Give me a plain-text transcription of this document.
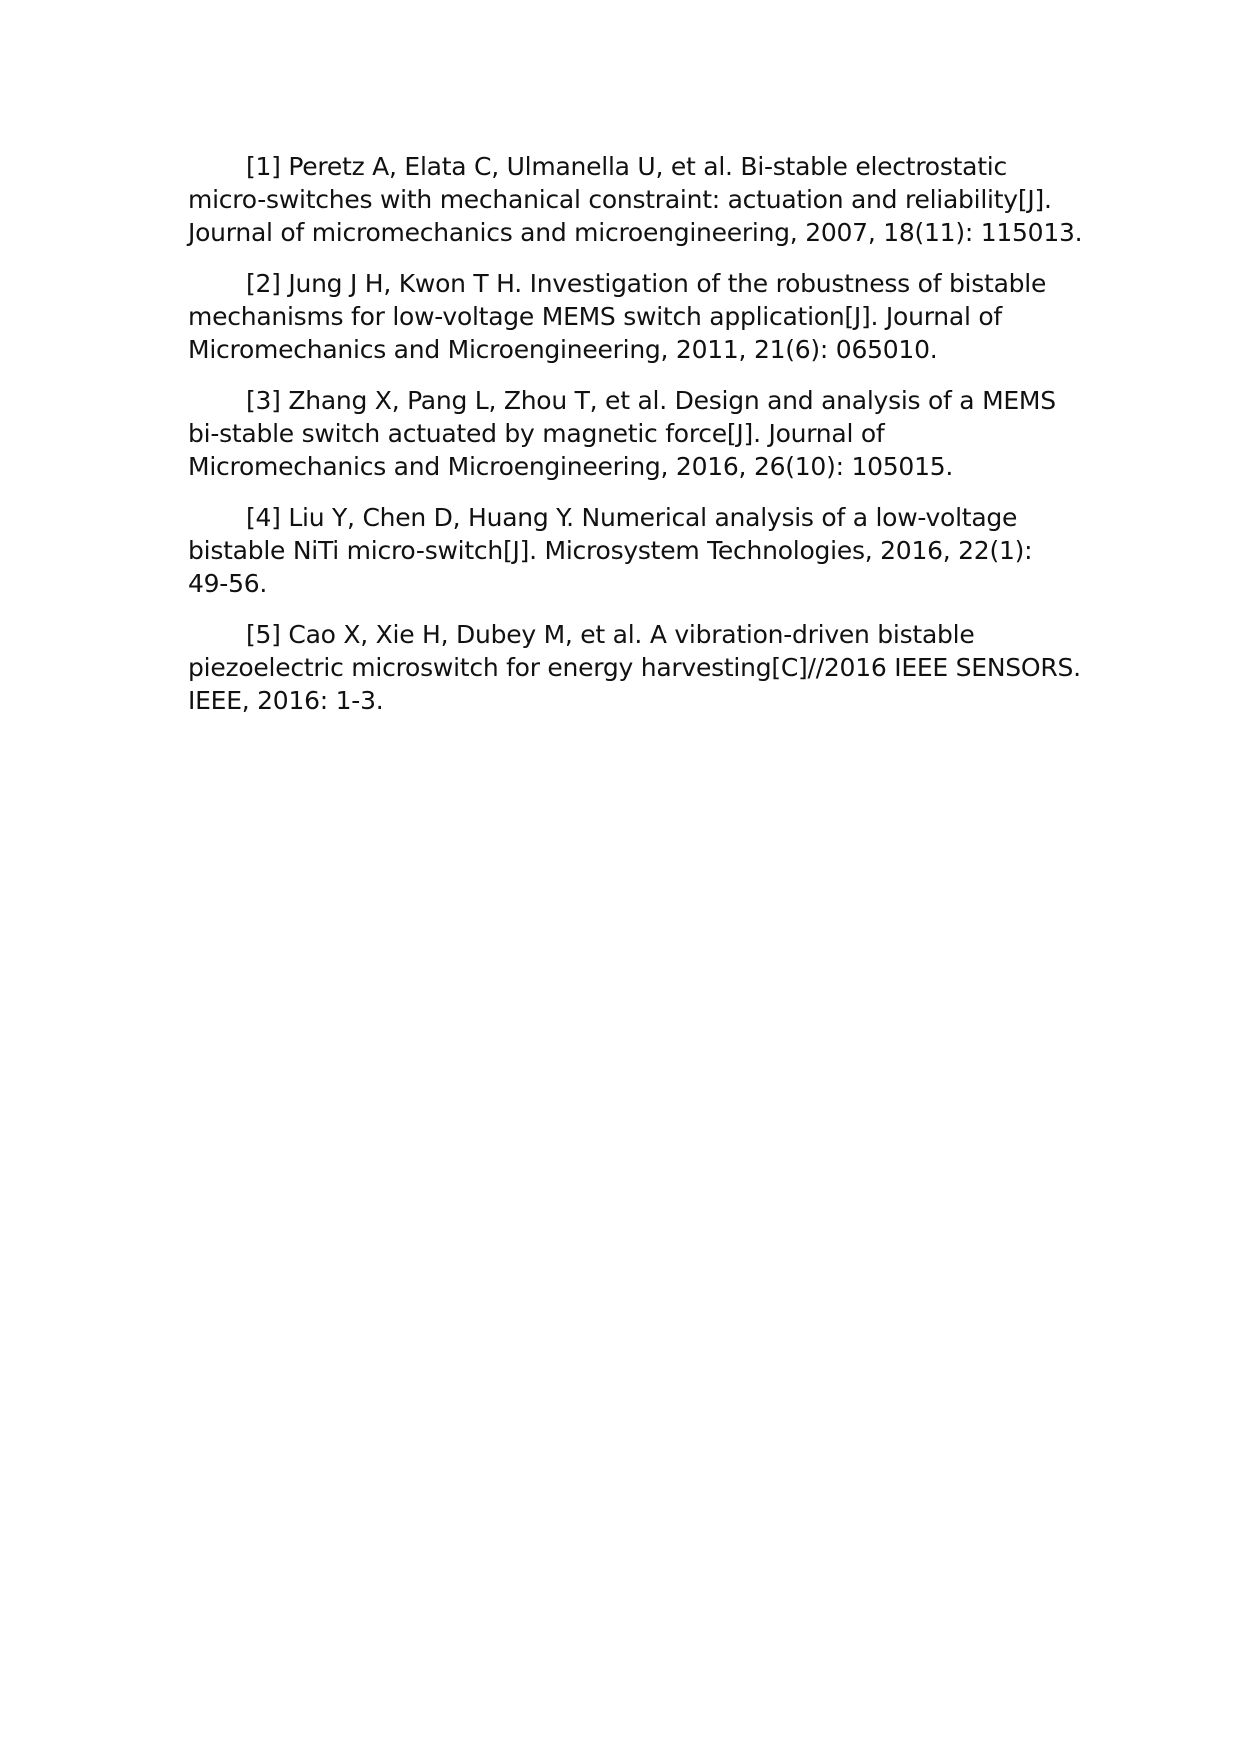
[1] Peretz A, Elata C, Ulmanella U, et al. Bi-stable electrostatic
micro-switches with mechanical constraint: actuation and reliability[J].
Journal of micromechanics and microengineering, 2007, 18(11): 115013.

[2] Jung J H, Kwon T H. Investigation of the robustness of bistable
mechanisms for low-voltage MEMS switch application[J]. Journal of
Micromechanics and Microengineering, 2011, 21(6): 065010.

[3] Zhang X, Pang L, Zhou T, et al. Design and analysis of a MEMS
bi-stable switch actuated by magnetic force[J]. Journal of
Micromechanics and Microengineering, 2016, 26(10): 105015.

[4] Liu Y, Chen D, Huang Y. Numerical analysis of a low-voltage
bistable NiTi micro-switch[J]. Microsystem Technologies, 2016, 22(1):
49-56.

[5] Cao X, Xie H, Dubey M, et al. A vibration-driven bistable
piezoelectric microswitch for energy harvesting[C]//2016 IEEE SENSORS.
IEEE, 2016: 1-3.
